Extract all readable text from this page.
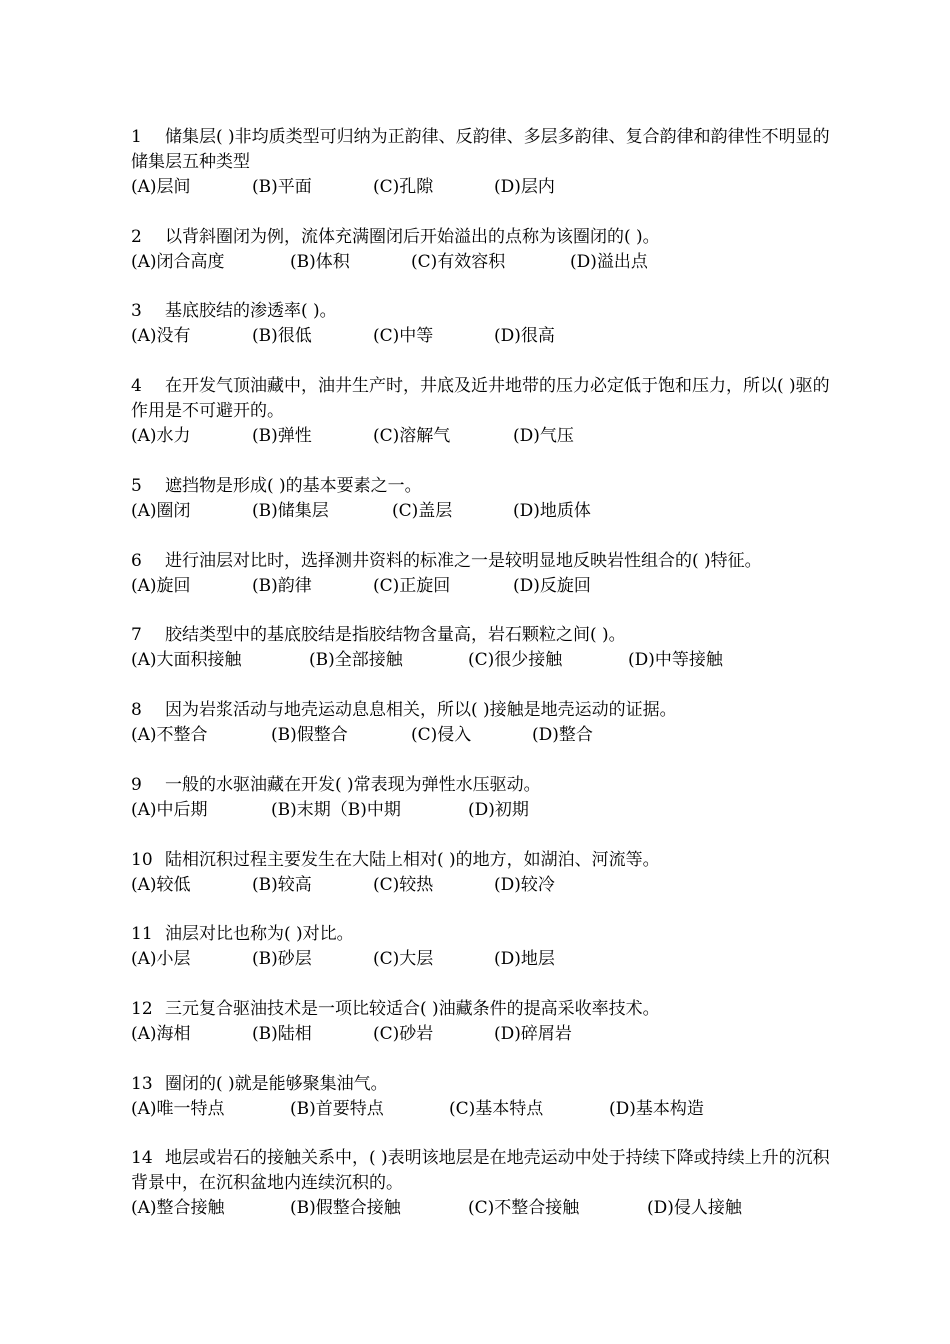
1 储集层( )非均质类型可归纳为正韵律、反韵律、多层多韵律、复合韵律和韵律性不明显的储集层五种类型

(A)层间	(B)平面	(C)孔隙	(D)层内

2 以背斜圈闭为例，流体充满圈闭后开始溢出的点称为该圈闭的( )。

(A)闭合高度	(B)体积	(C)有效容积	(D)溢出点

3 基底胶结的渗透率( )。

(A)没有	(B)很低	(C)中等	(D)很高

4 在开发气顶油藏中，油井生产时，井底及近井地带的压力必定低于饱和压力，所以( )驱的作用是不可避开的。

(A)水力	(B)弹性	(C)溶解气	(D)气压

5 遮挡物是形成( )的基本要素之一。

(A)圈闭	(B)储集层	(C)盖层	(D)地质体

6 进行油层对比时，选择测井资料的标准之一是较明显地反映岩性组合的( )特征。

(A)旋回	(B)韵律	(C)正旋回	(D)反旋回

7 胶结类型中的基底胶结是指胶结物含量高，岩石颗粒之间( )。

(A)大面积接触	(B)全部接触	(C)很少接触	(D)中等接触

8 因为岩浆活动与地壳运动息息相关，所以( )接触是地壳运动的证据。

(A)不整合	(B)假整合	(C)侵入	(D)整合

9 一般的水驱油藏在开发( )常表现为弹性水压驱动。

(A)中后期	(B)末期（B)中期	(D)初期

10 陆相沉积过程主要发生在大陆上相对( )的地方，如湖泊、河流等。

(A)较低	(B)较高	(C)较热	(D)较冷

11 油层对比也称为( )对比。

(A)小层	(B)砂层	(C)大层	(D)地层

12 三元复合驱油技术是一项比较适合( )油藏条件的提高采收率技术。

(A)海相	(B)陆相	(C)砂岩	(D)碎屑岩

13 圈闭的( )就是能够聚集油气。

(A)唯一特点	(B)首要特点	(C)基本特点	(D)基本构造

14 地层或岩石的接触关系中，( )表明该地层是在地壳运动中处于持续下降或持续上升的沉积背景中，在沉积盆地内连续沉积的。

(A)整合接触	(B)假整合接触	(C)不整合接触	(D)侵人接触
